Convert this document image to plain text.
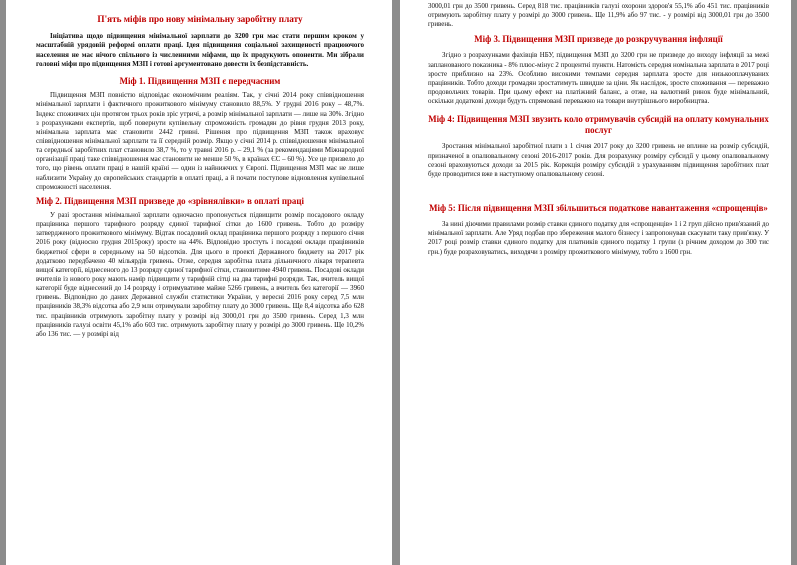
П'ять міфів про нову мінімальну заробітну плату
Ініціатива щодо підвищення мінімальної зарплати до 3200 грн має стати першим кроком у масштабній урядовій реформі оплати праці. Ідея підвищення соціальної захищеності працюючого населення не має нічого спільного із численними міфами, що їх продукують опоненти. Ми зібрали головні міфи про підвищення МЗП і готові аргументовано довести їх безпідставність.
Міф 1. Підвищення МЗП є передчасним
Підвищення МЗП повністю відповідає економічним реаліям. Так, у січні 2014 року співвідношення мінімальної зарплати і фактичного прожиткового мінімуму становило 88,5%. У грудні 2016 року – 48,7%. Індекс споживчих цін протягом трьох років зріс утричі, а розмір мінімальної зарплати — лише на 30%. Згідно з розрахунками експертів, щоб повернути купівельну спроможність громадян до рівня грудня 2013 року, мінімальна зарплата має становити 2442 гривні. Рішення про підвищення МЗП також враховує співвідношення мінімальної зарплати та її середній розмір. Якщо у січні 2014 р. співвідношення мінімальної та середньої заробітних плат становило 38,7 %, то у травні 2016 р. – 29,1 % (за рекомендаціями Міжнародної організації праці таке співвідношення має становити не менше 50 %, в країнах ЄС – 60 %). Усе це призвело до того, що рівень оплати праці в нашій країні — один із найнижчих у Європі. Підвищення МЗП має не лише наблизити Україну до європейських стандартів в оплаті праці, а й почати поступове відновлення купівельної спроможності населення.
Міф 2. Підвищення МЗП призведе до «зрівнялівки» в оплаті праці
У разі зростання мінімальної зарплати одночасно пропонується підвищити розмір посадового окладу працівника першого тарифного розряду єдиної тарифної сітки до 1600 гривень. Тобто до розміру затвердженого прожиткового мінімуму. Відтак посадовий оклад працівника першого розряду з першого січня 2016 року (відносно грудня 2015року) зросте на 44%. Відповідно зростуть і посадові оклади працівників бюджетної сфери в середньому на 50 відсотків. Для цього в проекті Державного бюджету на 2017 рік додатково передбачено 40 мільярдів гривень. Отже, середня заробітна плата дільничного лікаря терапевта вищої категорії, віднесеного до 13 розряду єдиної тарифної сітки, становитиме 4940 гривень. Посадові оклади вчителів із нового року мають намір підвищити у тарифній сітці на два тарифні розряди. Так, вчитель вищої категорії буде віднесений до 14 розряду і отримуватиме майже 5266 гривень, а вчитель без категорії — 3960 гривень. Відповідно до даних Державної служби статистики України, у вересні 2016 року серед 7,5 млн працівників 38,3% відсотка або 2,9 млн отримували заробітну плату до 3000 гривень. Ще 8,4 відсотка або 628 тис. працівників отримують заробітну плату у розмірі від 3000,01 грн до 3500 гривень. Серед 1,3 млн працівників галузі освіти 45,1% або 603 тис. отримують заробітну плату у розмірі до 3000 гривень. Ще 10,2% або 136 тис. — у розмірі від
3000,01 грн до 3500 гривень. Серед 818 тис. працівників галузі охорони здоров'я 55,1% або 451 тис. працівників отримують заробітну плату у розмірі до 3000 гривень. Ще 11,9% або 97 тис. - у розмірі від 3000,01 грн до 3500 гривень.
Міф 3. Підвищення МЗП призведе до розкручування інфляції
Згідно з розрахунками фахівців НБУ, підвищення МЗП до 3200 грн не призведе до виходу інфляції за межі запланованого показника - 8% плюс-мінус 2 процентні пункти. Натомість середня номінальна зарплата в 2017 році зросте приблизно на 23%. Особливо високими темпами середня зарплата зросте для низькооплачуваних працівників. Тобто доходи громадян зростатимуть швидше за ціни. Як наслідок, зросте споживання — переважно продовольчих товарів. При цьому ефект на платіжний баланс, а отже, на валютний ринок буде мінімальний, оскільки додаткові доходи будуть спрямовані переважно на товари внутрішнього виробництва.
Міф 4: Підвищення МЗП звузить коло отримувачів субсидій на оплату комунальних послуг
Зростання мінімальної заробітної плати з 1 січня 2017 року до 3200 гривень не вплине на розмір субсидій, призначеної в опалювальному сезоні 2016-2017 років. Для розрахунку розміру субсидії у цьому опалювальному сезоні враховуються доходи за 2015 рік. Корекція розміру субсидій з урахуванням підвищення заробітних плат буде проводитися вже в наступному опалювальному сезоні.
Міф 5: Після підвищення МЗП збільшиться податкове навантаження «спрощенців»
За нині діючими правилами розмір ставки єдиного податку для «спрощенців» 1 і 2 груп дійсно прив'язаний до мінімальної зарплати. Але Уряд подбав про збереження малого бізнесу і запропонував скасувати таку прив'язку. У 2017 році розмір ставки єдиного податку для платників єдиного податку 1 групи (з річним доходом до 300 тис грн.) буде розраховуватись, виходячи з розміру прожиткового мінімуму, тобто з 1600 грн.
